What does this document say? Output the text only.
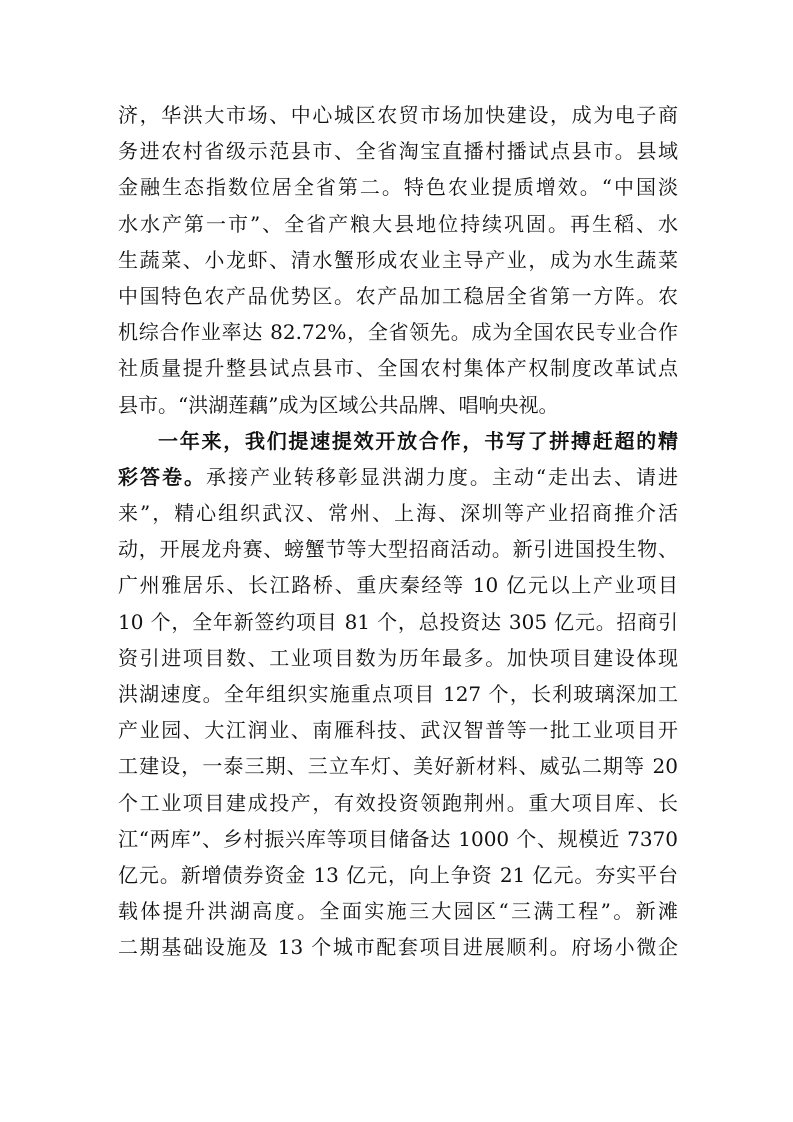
济，华洪大市场、中心城区农贸市场加快建设，成为电子商
务进农村省级示范县市、全省淘宝直播村播试点县市。县域
金融生态指数位居全省第二。特色农业提质增效。“中国淡
水水产第一市”、全省产粮大县地位持续巩固。再生稻、水
生蔬菜、小龙虾、清水蟹形成农业主导产业，成为水生蔬菜
中国特色农产品优势区。农产品加工稳居全省第一方阵。农
机综合作业率达 82.72%，全省领先。成为全国农民专业合作
社质量提升整县试点县市、全国农村集体产权制度改革试点
县市。“洪湖莲藕”成为区域公共品牌、唱响央视。
一年来，我们提速提效开放合作，书写了拼搏赶超的精
彩答卷。承接产业转移彰显洪湖力度。主动“走出去、请进
来”，精心组织武汉、常州、上海、深圳等产业招商推介活
动，开展龙舟赛、螃蟹节等大型招商活动。新引进国投生物、
广州雅居乐、长江路桥、重庆秦经等 10 亿元以上产业项目
10 个，全年新签约项目 81 个，总投资达 305 亿元。招商引
资引进项目数、工业项目数为历年最多。加快项目建设体现
洪湖速度。全年组织实施重点项目 127 个，长利玻璃深加工
产业园、大江润业、南雁科技、武汉智普等一批工业项目开
工建设，一泰三期、三立车灯、美好新材料、威弘二期等 20
个工业项目建成投产，有效投资领跑荆州。重大项目库、长
江“两库”、乡村振兴库等项目储备达 1000 个、规模近 7370
亿元。新增债券资金 13 亿元，向上争资 21 亿元。夯实平台
载体提升洪湖高度。全面实施三大园区“三满工程”。新滩
二期基础设施及 13 个城市配套项目进展顺利。府场小微企
